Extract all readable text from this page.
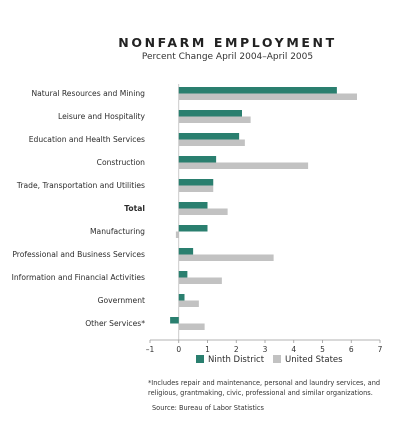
NONFARM EMPLOYMENT
Percent Change April 2004–April 2005
Natural Resources and Mining
Leisure and Hospitality
Education and Health Services
Construction
Trade, Transportation and Utilities
Total
Manufacturing
Professional and Business Services
Information and Financial Activities
Government
Other Services*
–1	0	1	2	3	4	5	6	7
Ninth District United States
*Includes repair and maintenance, personal and laundry services, and religious, grantmaking, civic, professional and similar organizations.
Source: Bureau of Labor Statistics
